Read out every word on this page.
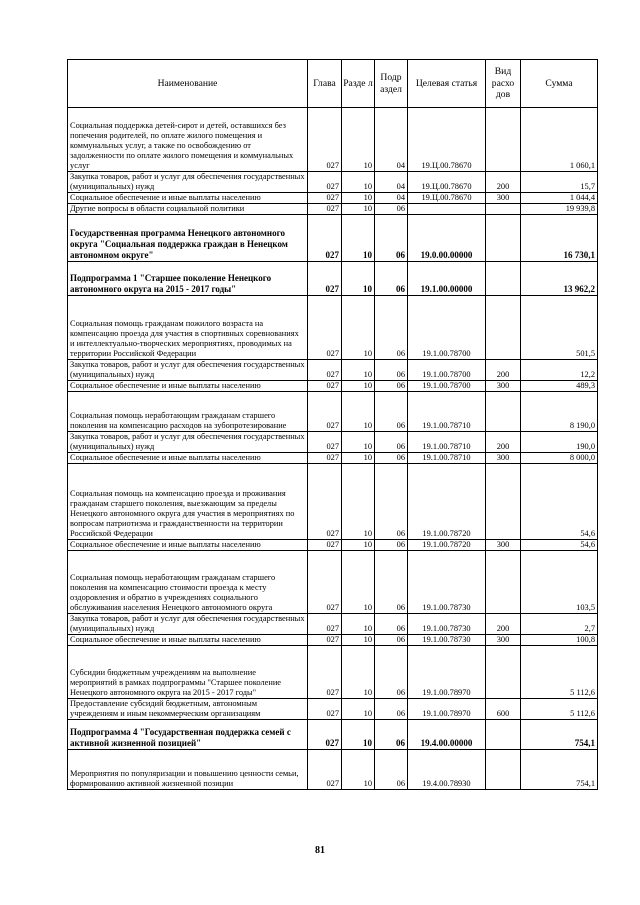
Наименование	Глава	Разде л	Подр аздел	Целевая статья	Вид расхо дов	Сумма
Социальная поддержка детей-сирот и детей, оставшихся без попечения родителей, по оплате жилого помещения и коммунальных услуг, а также по освобождению от задолженности по оплате жилого помещения и коммунальных услуг	027	10	04	19.Ц.00.78670		1 060,1
Закупка товаров, работ и услуг для обеспечения государственных (муниципальных) нужд	027	10	04	19.Ц.00.78670	200	15,7
Социальное обеспечение и иные выплаты населению	027	10	04	19.Ц.00.78670	300	1 044,4
Другие вопросы в области социальной политики	027	10	06			19 939,8
Государственная программа Ненецкого автономного округа "Социальная поддержка граждан в Ненецком автономном округе"	027	10	06	19.0.00.00000		16 730,1
Подпрограмма 1 "Старшее поколение Ненецкого автономного округа на 2015 - 2017 годы"	027	10	06	19.1.00.00000		13 962,2
Социальная помощь гражданам пожилого возраста на компенсацию проезда для участия в спортивных соревнованиях и интеллектуально-творческих мероприятиях, проводимых на территории Российской Федерации	027	10	06	19.1.00.78700		501,5
Закупка товаров, работ и услуг для обеспечения государственных (муниципальных) нужд	027	10	06	19.1.00.78700	200	12,2
Социальное обеспечение и иные выплаты населению	027	10	06	19.1.00.78700	300	489,3
Социальная помощь неработающим гражданам старшего поколения на компенсацию расходов на зубопротезирование	027	10	06	19.1.00.78710		8 190,0
Закупка товаров, работ и услуг для обеспечения государственных (муниципальных) нужд	027	10	06	19.1.00.78710	200	190,0
Социальное обеспечение и иные выплаты населению	027	10	06	19.1.00.78710	300	8 000,0
Социальная помощь на компенсацию проезда и проживания гражданам старшего поколения, выезжающим за пределы Ненецкого автономного округа для участия в мероприятиях по вопросам патриотизма и гражданственности на территории Российской Федерации	027	10	06	19.1.00.78720		54,6
Социальное обеспечение и иные выплаты населению	027	10	06	19.1.00.78720	300	54,6
Социальная помощь неработающим гражданам старшего поколения на компенсацию стоимости проезда к месту оздоровления и обратно в учреждениях социального обслуживания населения Ненецкого автономного округа	027	10	06	19.1.00.78730		103,5
Закупка товаров, работ и услуг для обеспечения государственных (муниципальных) нужд	027	10	06	19.1.00.78730	200	2,7
Социальное обеспечение и иные выплаты населению	027	10	06	19.1.00.78730	300	100,8
Субсидии бюджетным учреждениям на выполнение мероприятий в рамках подпрограммы "Старшее поколение Ненецкого автономного округа на 2015 - 2017 годы"	027	10	06	19.1.00.78970		5 112,6
Предоставление субсидий бюджетным, автономным учреждениям и иным некоммерческим организациям	027	10	06	19.1.00.78970	600	5 112,6
Подпрограмма 4 "Государственная поддержка семей с активной жизненной позицией"	027	10	06	19.4.00.00000		754,1
Мероприятия по популяризации и повышению ценности семьи, формированию активной жизненной позиции	027	10	06	19.4.00.78930		754,1
81
